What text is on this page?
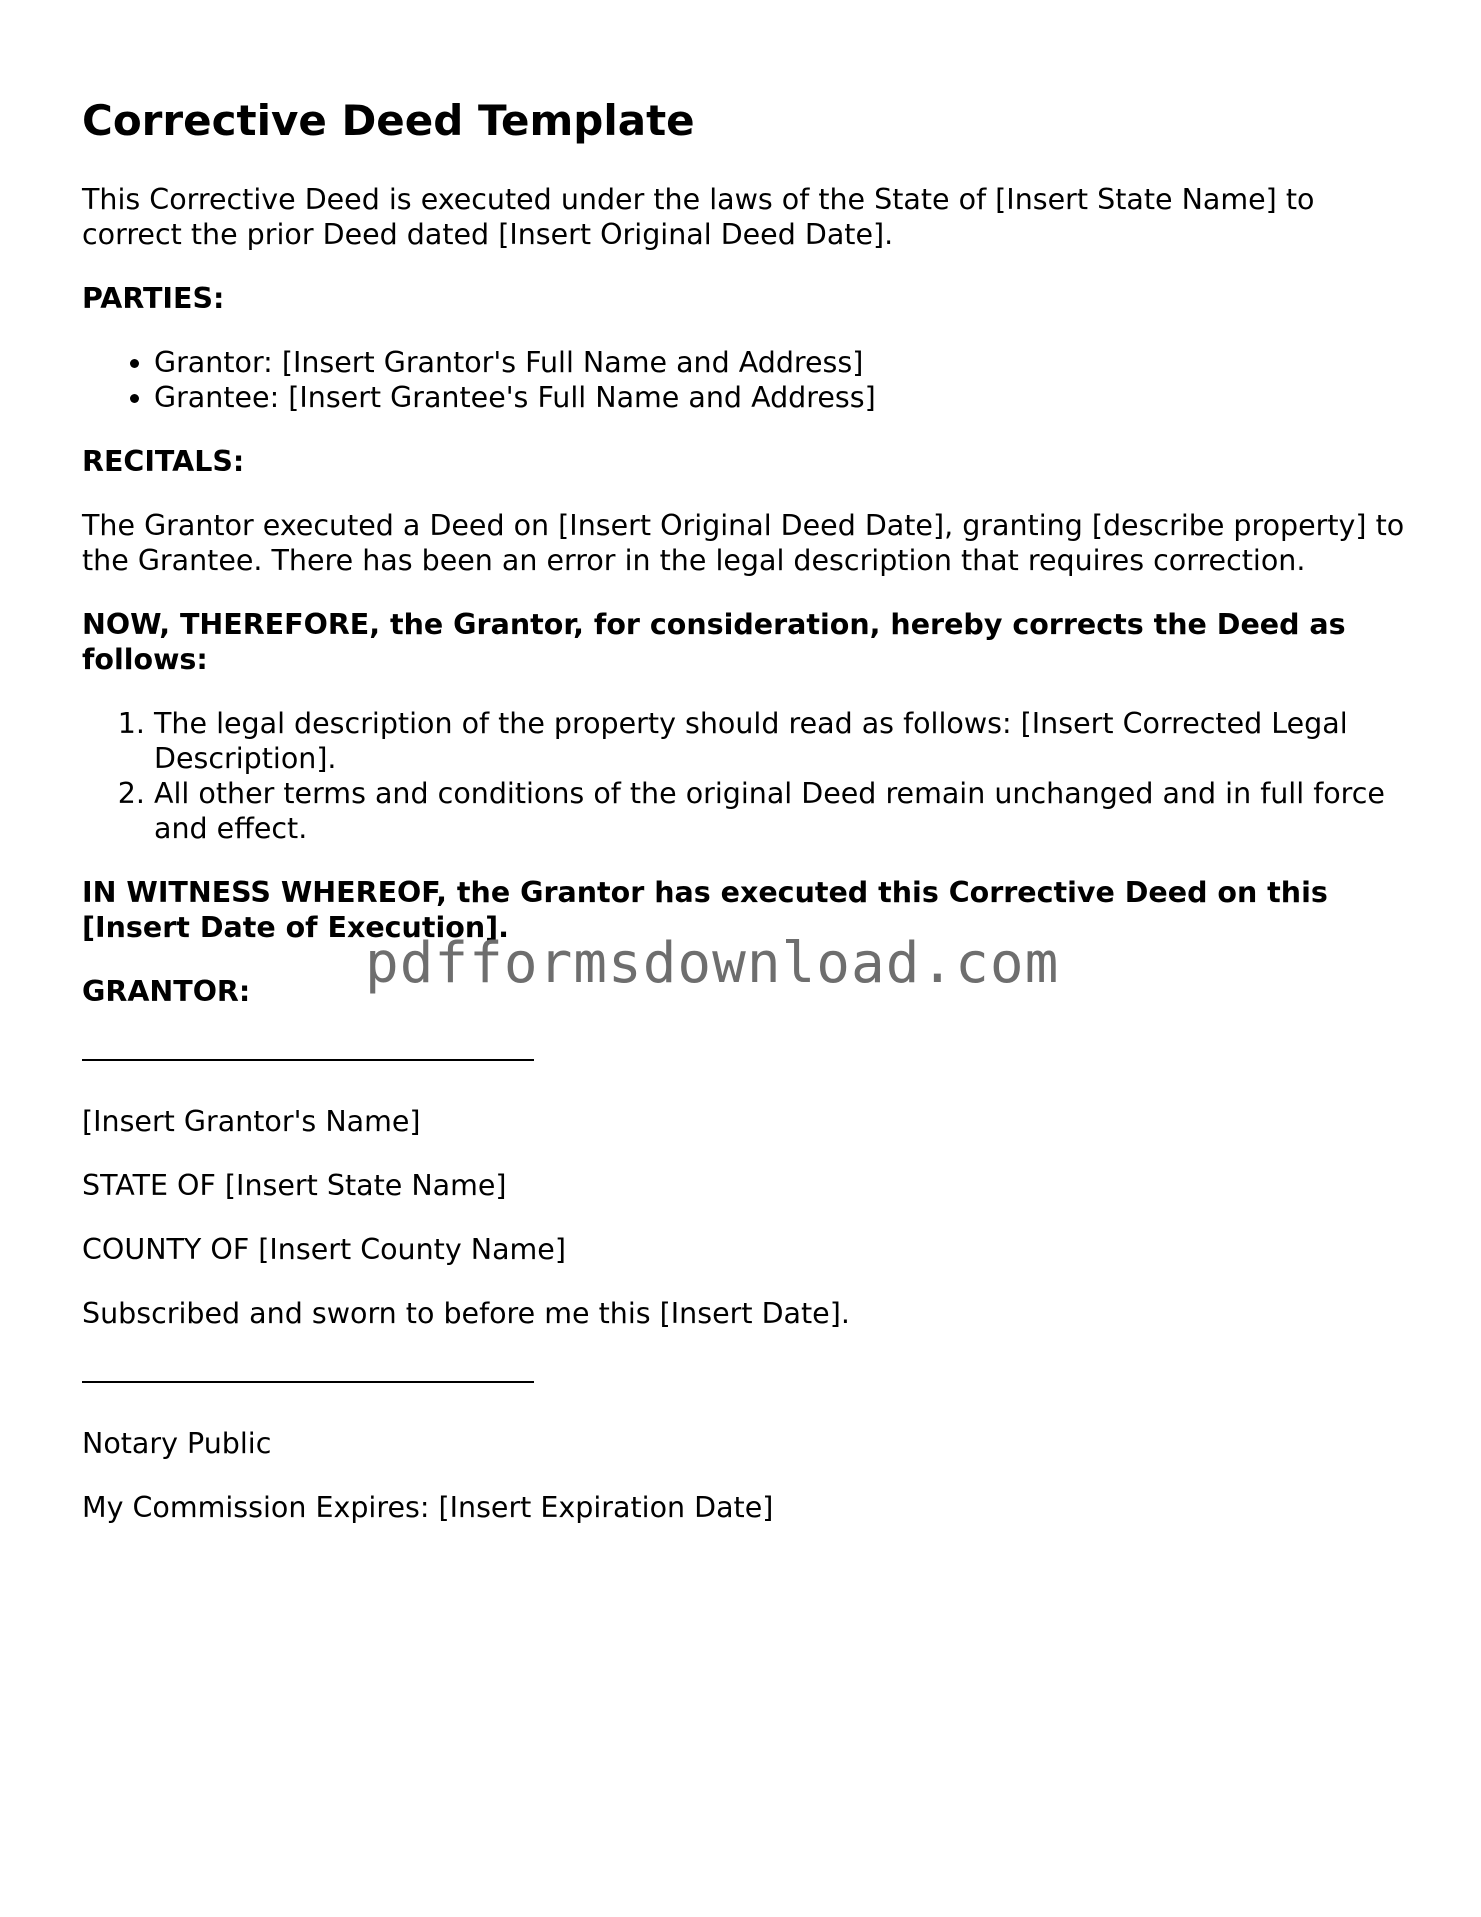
Corrective Deed Template

This Corrective Deed is executed under the laws of the State of [Insert State Name] to correct the prior Deed dated [Insert Original Deed Date].

PARTIES:

• Grantor: [Insert Grantor's Full Name and Address]
• Grantee: [Insert Grantee's Full Name and Address]

RECITALS:

The Grantor executed a Deed on [Insert Original Deed Date], granting [describe property] to the Grantee. There has been an error in the legal description that requires correction.

NOW, THEREFORE, the Grantor, for consideration, hereby corrects the Deed as follows:

1. The legal description of the property should read as follows: [Insert Corrected Legal Description].
2. All other terms and conditions of the original Deed remain unchanged and in full force and effect.

IN WITNESS WHEREOF, the Grantor has executed this Corrective Deed on this [Insert Date of Execution].

GRANTOR:

[Insert Grantor's Name]

STATE OF [Insert State Name]

COUNTY OF [Insert County Name]

Subscribed and sworn to before me this [Insert Date].

Notary Public

My Commission Expires: [Insert Expiration Date]

pdfformsdownload.com
